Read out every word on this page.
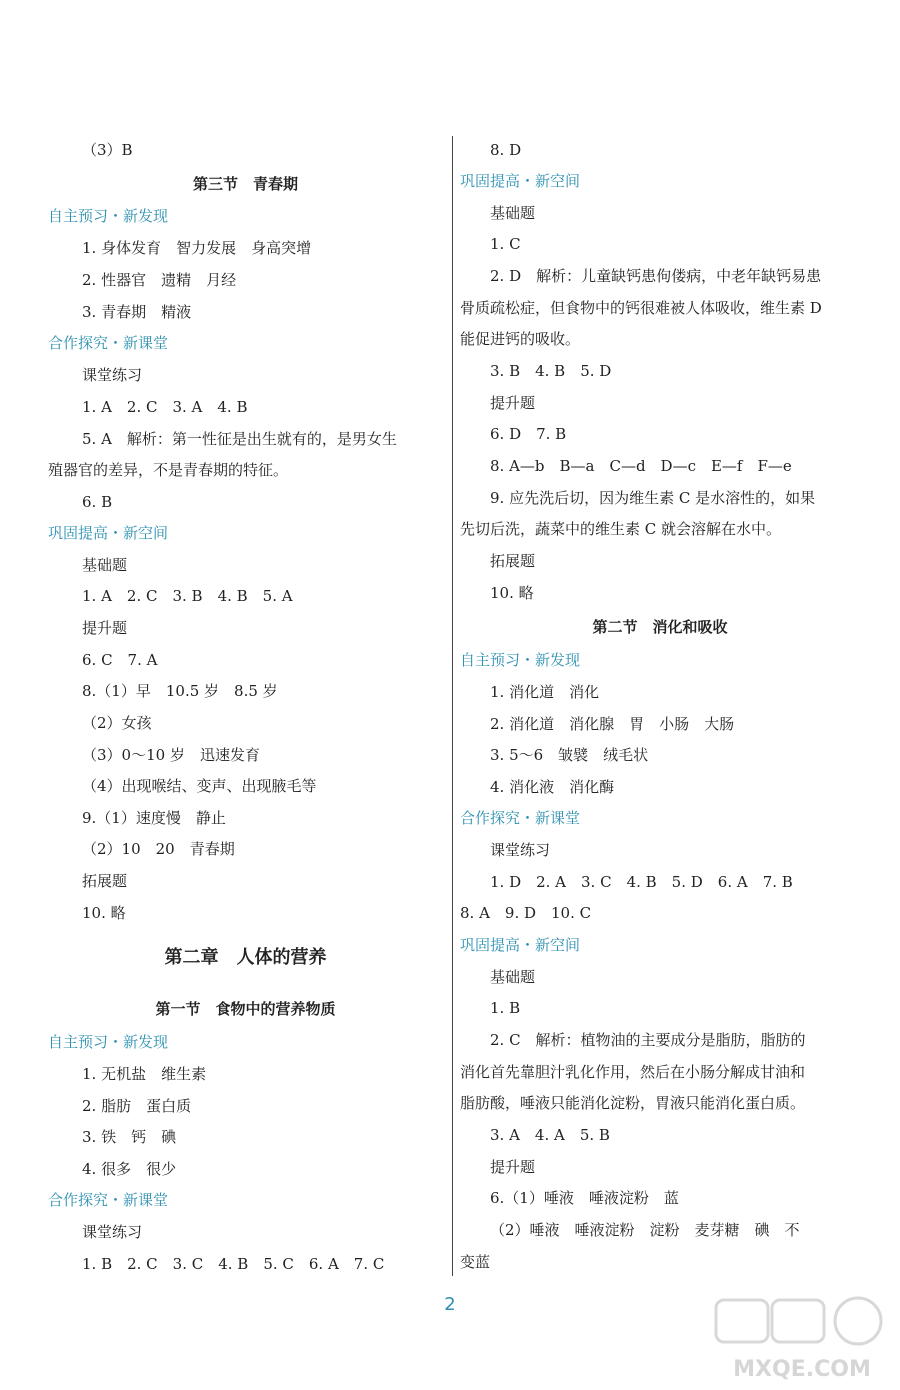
（3）B
第三节　青春期
自主预习・新发现
1. 身体发育　智力发展　身高突增
2. 性器官　遗精　月经
3. 青春期　精液
合作探究・新课堂
课堂练习
1. A　2. C　3. A　4. B
5. A　解析：第一性征是出生就有的，是男女生
殖器官的差异，不是青春期的特征。
6. B
巩固提高・新空间
基础题
1. A　2. C　3. B　4. B　5. A
提升题
6. C　7. A
8.（1）早　10.5 岁　8.5 岁
（2）女孩
（3）0～10 岁　迅速发育
（4）出现喉结、变声、出现腋毛等
9.（1）速度慢　静止
（2）10　20　青春期
拓展题
10. 略
第二章　人体的营养
第一节　食物中的营养物质
自主预习・新发现
1. 无机盐　维生素
2. 脂肪　蛋白质
3. 铁　钙　碘
4. 很多　很少
合作探究・新课堂
课堂练习
1. B　2. C　3. C　4. B　5. C　6. A　7. C
8. D
巩固提高・新空间
基础题
1. C
2. D　解析：儿童缺钙患佝偻病，中老年缺钙易患
骨质疏松症，但食物中的钙很难被人体吸收，维生素 D
能促进钙的吸收。
3. B　4. B　5. D
提升题
6. D　7. B
8. A—b　B—a　C—d　D—c　E—f　F—e
9. 应先洗后切，因为维生素 C 是水溶性的，如果
先切后洗，蔬菜中的维生素 C 就会溶解在水中。
拓展题
10. 略
第二节　消化和吸收
自主预习・新发现
1. 消化道　消化
2. 消化道　消化腺　胃　小肠　大肠
3. 5～6　皱襞　绒毛状
4. 消化液　消化酶
合作探究・新课堂
课堂练习
1. D　2. A　3. C　4. B　5. D　6. A　7. B
8. A　9. D　10. C
巩固提高・新空间
基础题
1. B
2. C　解析：植物油的主要成分是脂肪，脂肪的
消化首先靠胆汁乳化作用，然后在小肠分解成甘油和
脂肪酸，唾液只能消化淀粉，胃液只能消化蛋白质。
3. A　4. A　5. B
提升题
6.（1）唾液　唾液淀粉　蓝
（2）唾液　唾液淀粉　淀粉　麦芽糖　碘　不
变蓝
2
MXQE.COM
